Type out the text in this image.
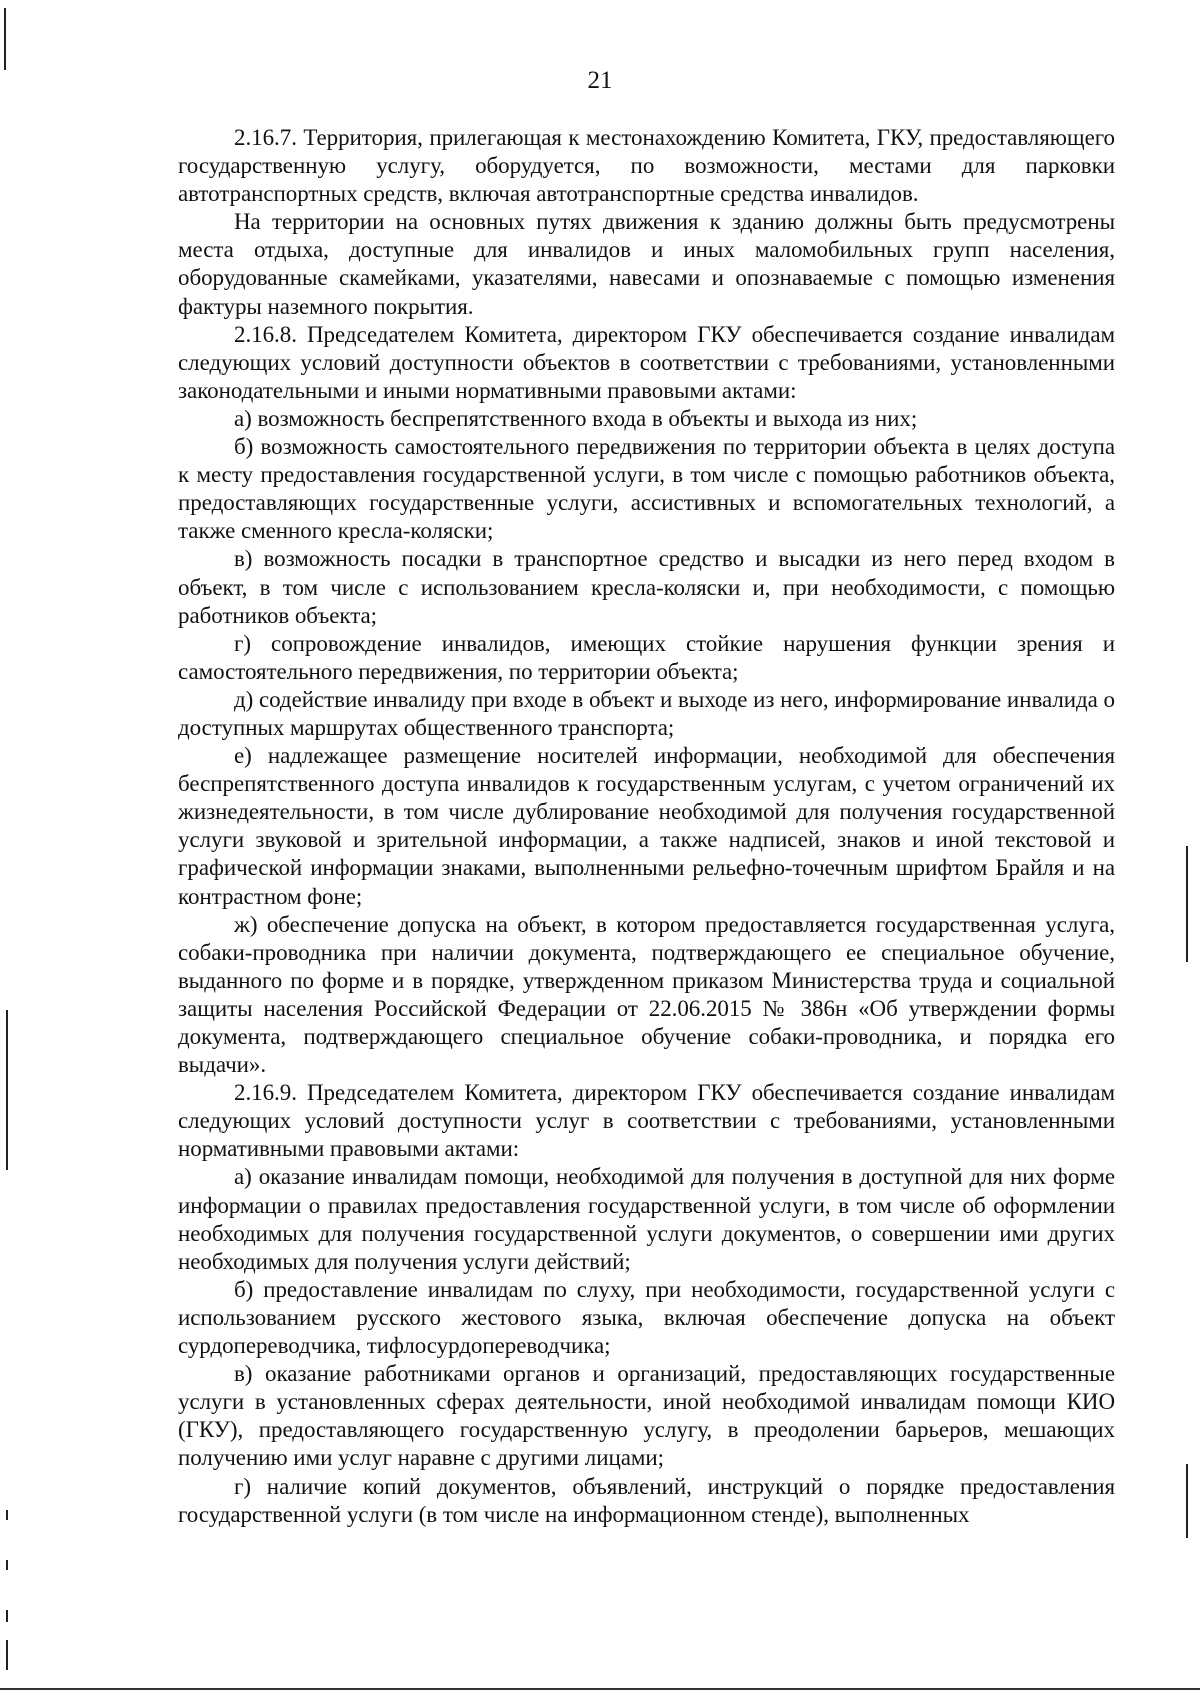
21

2.16.7. Территория, прилегающая к местонахождению Комитета, ГКУ, предоставляющего государственную услугу, оборудуется, по возможности, местами для парковки автотранспортных средств, включая автотранспортные средства инвалидов.

На территории на основных путях движения к зданию должны быть предусмотрены места отдыха, доступные для инвалидов и иных маломобильных групп населения, оборудованные скамейками, указателями, навесами и опознаваемые с помощью изменения фактуры наземного покрытия.

2.16.8. Председателем Комитета, директором ГКУ обеспечивается создание инвалидам следующих условий доступности объектов в соответствии с требованиями, установленными законодательными и иными нормативными правовыми актами:

а) возможность беспрепятственного входа в объекты и выхода из них;

б) возможность самостоятельного передвижения по территории объекта в целях доступа к месту предоставления государственной услуги, в том числе с помощью работников объекта, предоставляющих государственные услуги, ассистивных и вспомогательных технологий, а также сменного кресла-коляски;

в) возможность посадки в транспортное средство и высадки из него перед входом в объект, в том числе с использованием кресла-коляски и, при необходимости, с помощью работников объекта;

г) сопровождение инвалидов, имеющих стойкие нарушения функции зрения и самостоятельного передвижения, по территории объекта;

д) содействие инвалиду при входе в объект и выходе из него, информирование инвалида о доступных маршрутах общественного транспорта;

е) надлежащее размещение носителей информации, необходимой для обеспечения беспрепятственного доступа инвалидов к государственным услугам, с учетом ограничений их жизнедеятельности, в том числе дублирование необходимой для получения государственной услуги звуковой и зрительной информации, а также надписей, знаков и иной текстовой и графической информации знаками, выполненными рельефно-точечным шрифтом Брайля и на контрастном фоне;

ж) обеспечение допуска на объект, в котором предоставляется государственная услуга, собаки-проводника при наличии документа, подтверждающего ее специальное обучение, выданного по форме и в порядке, утвержденном приказом Министерства труда и социальной защиты населения Российской Федерации от 22.06.2015 № 386н «Об утверждении формы документа, подтверждающего специальное обучение собаки-проводника, и порядка его выдачи».

2.16.9. Председателем Комитета, директором ГКУ обеспечивается создание инвалидам следующих условий доступности услуг в соответствии с требованиями, установленными нормативными правовыми актами:

а) оказание инвалидам помощи, необходимой для получения в доступной для них форме информации о правилах предоставления государственной услуги, в том числе об оформлении необходимых для получения государственной услуги документов, о совершении ими других необходимых для получения услуги действий;

б) предоставление инвалидам по слуху, при необходимости, государственной услуги с использованием русского жестового языка, включая обеспечение допуска на объект сурдопереводчика, тифлосурдопереводчика;

в) оказание работниками органов и организаций, предоставляющих государственные услуги в установленных сферах деятельности, иной необходимой инвалидам помощи КИО (ГКУ), предоставляющего государственную услугу, в преодолении барьеров, мешающих получению ими услуг наравне с другими лицами;

г) наличие копий документов, объявлений, инструкций о порядке предоставления государственной услуги (в том числе на информационном стенде), выполненных
